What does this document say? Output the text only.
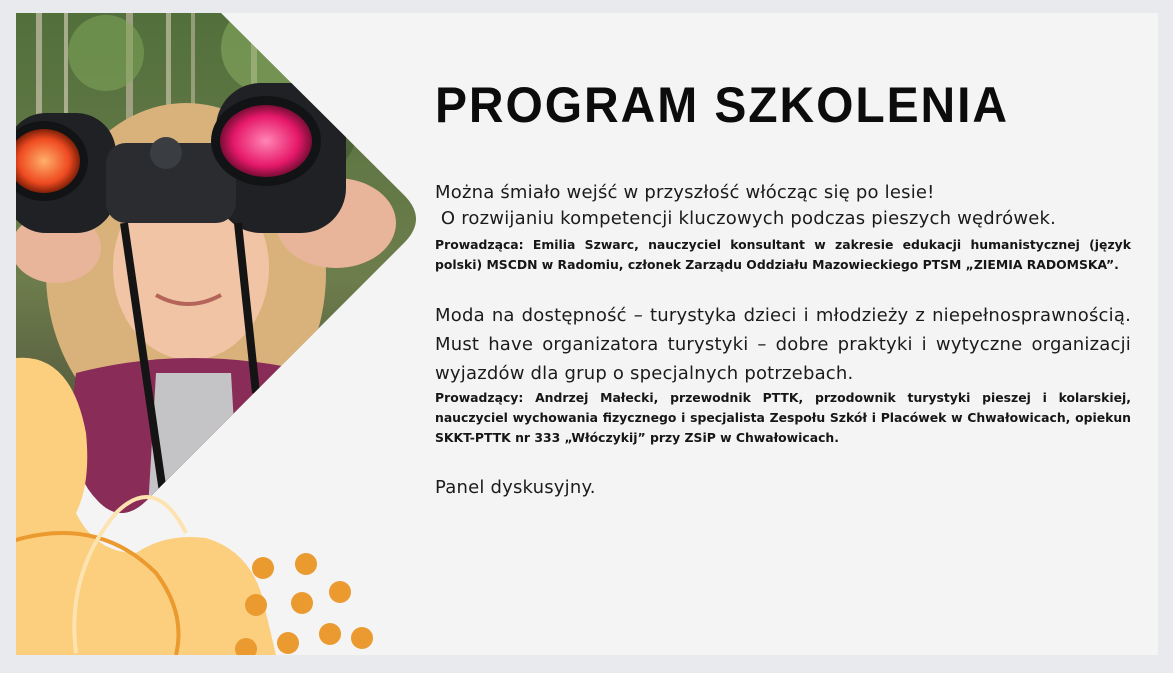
PROGRAM SZKOLENIA

Można śmiało wejść w przyszłość włócząc się po lesie!

O rozwijaniu kompetencji kluczowych podczas pieszych wędrówek.

Prowadząca: Emilia Szwarc, nauczyciel konsultant w zakresie edukacji humanistycznej (język polski) MSCDN w Radomiu, członek Zarządu Oddziału Mazowieckiego PTSM „ZIEMIA RADOMSKA”.

Moda na dostępność – turystyka dzieci i młodzieży z niepełnosprawnością. Must have organizatora turystyki – dobre praktyki i wytyczne organizacji wyjazdów dla grup o specjalnych potrzebach.

Prowadzący: Andrzej Małecki, przewodnik PTTK, przodownik turystyki pieszej i kolarskiej, nauczyciel wychowania fizycznego i specjalista Zespołu Szkół i Placówek w Chwałowicach, opiekun SKKT-PTTK nr 333 „Włóczykij” przy ZSiP w Chwałowicach.

Panel dyskusyjny.
